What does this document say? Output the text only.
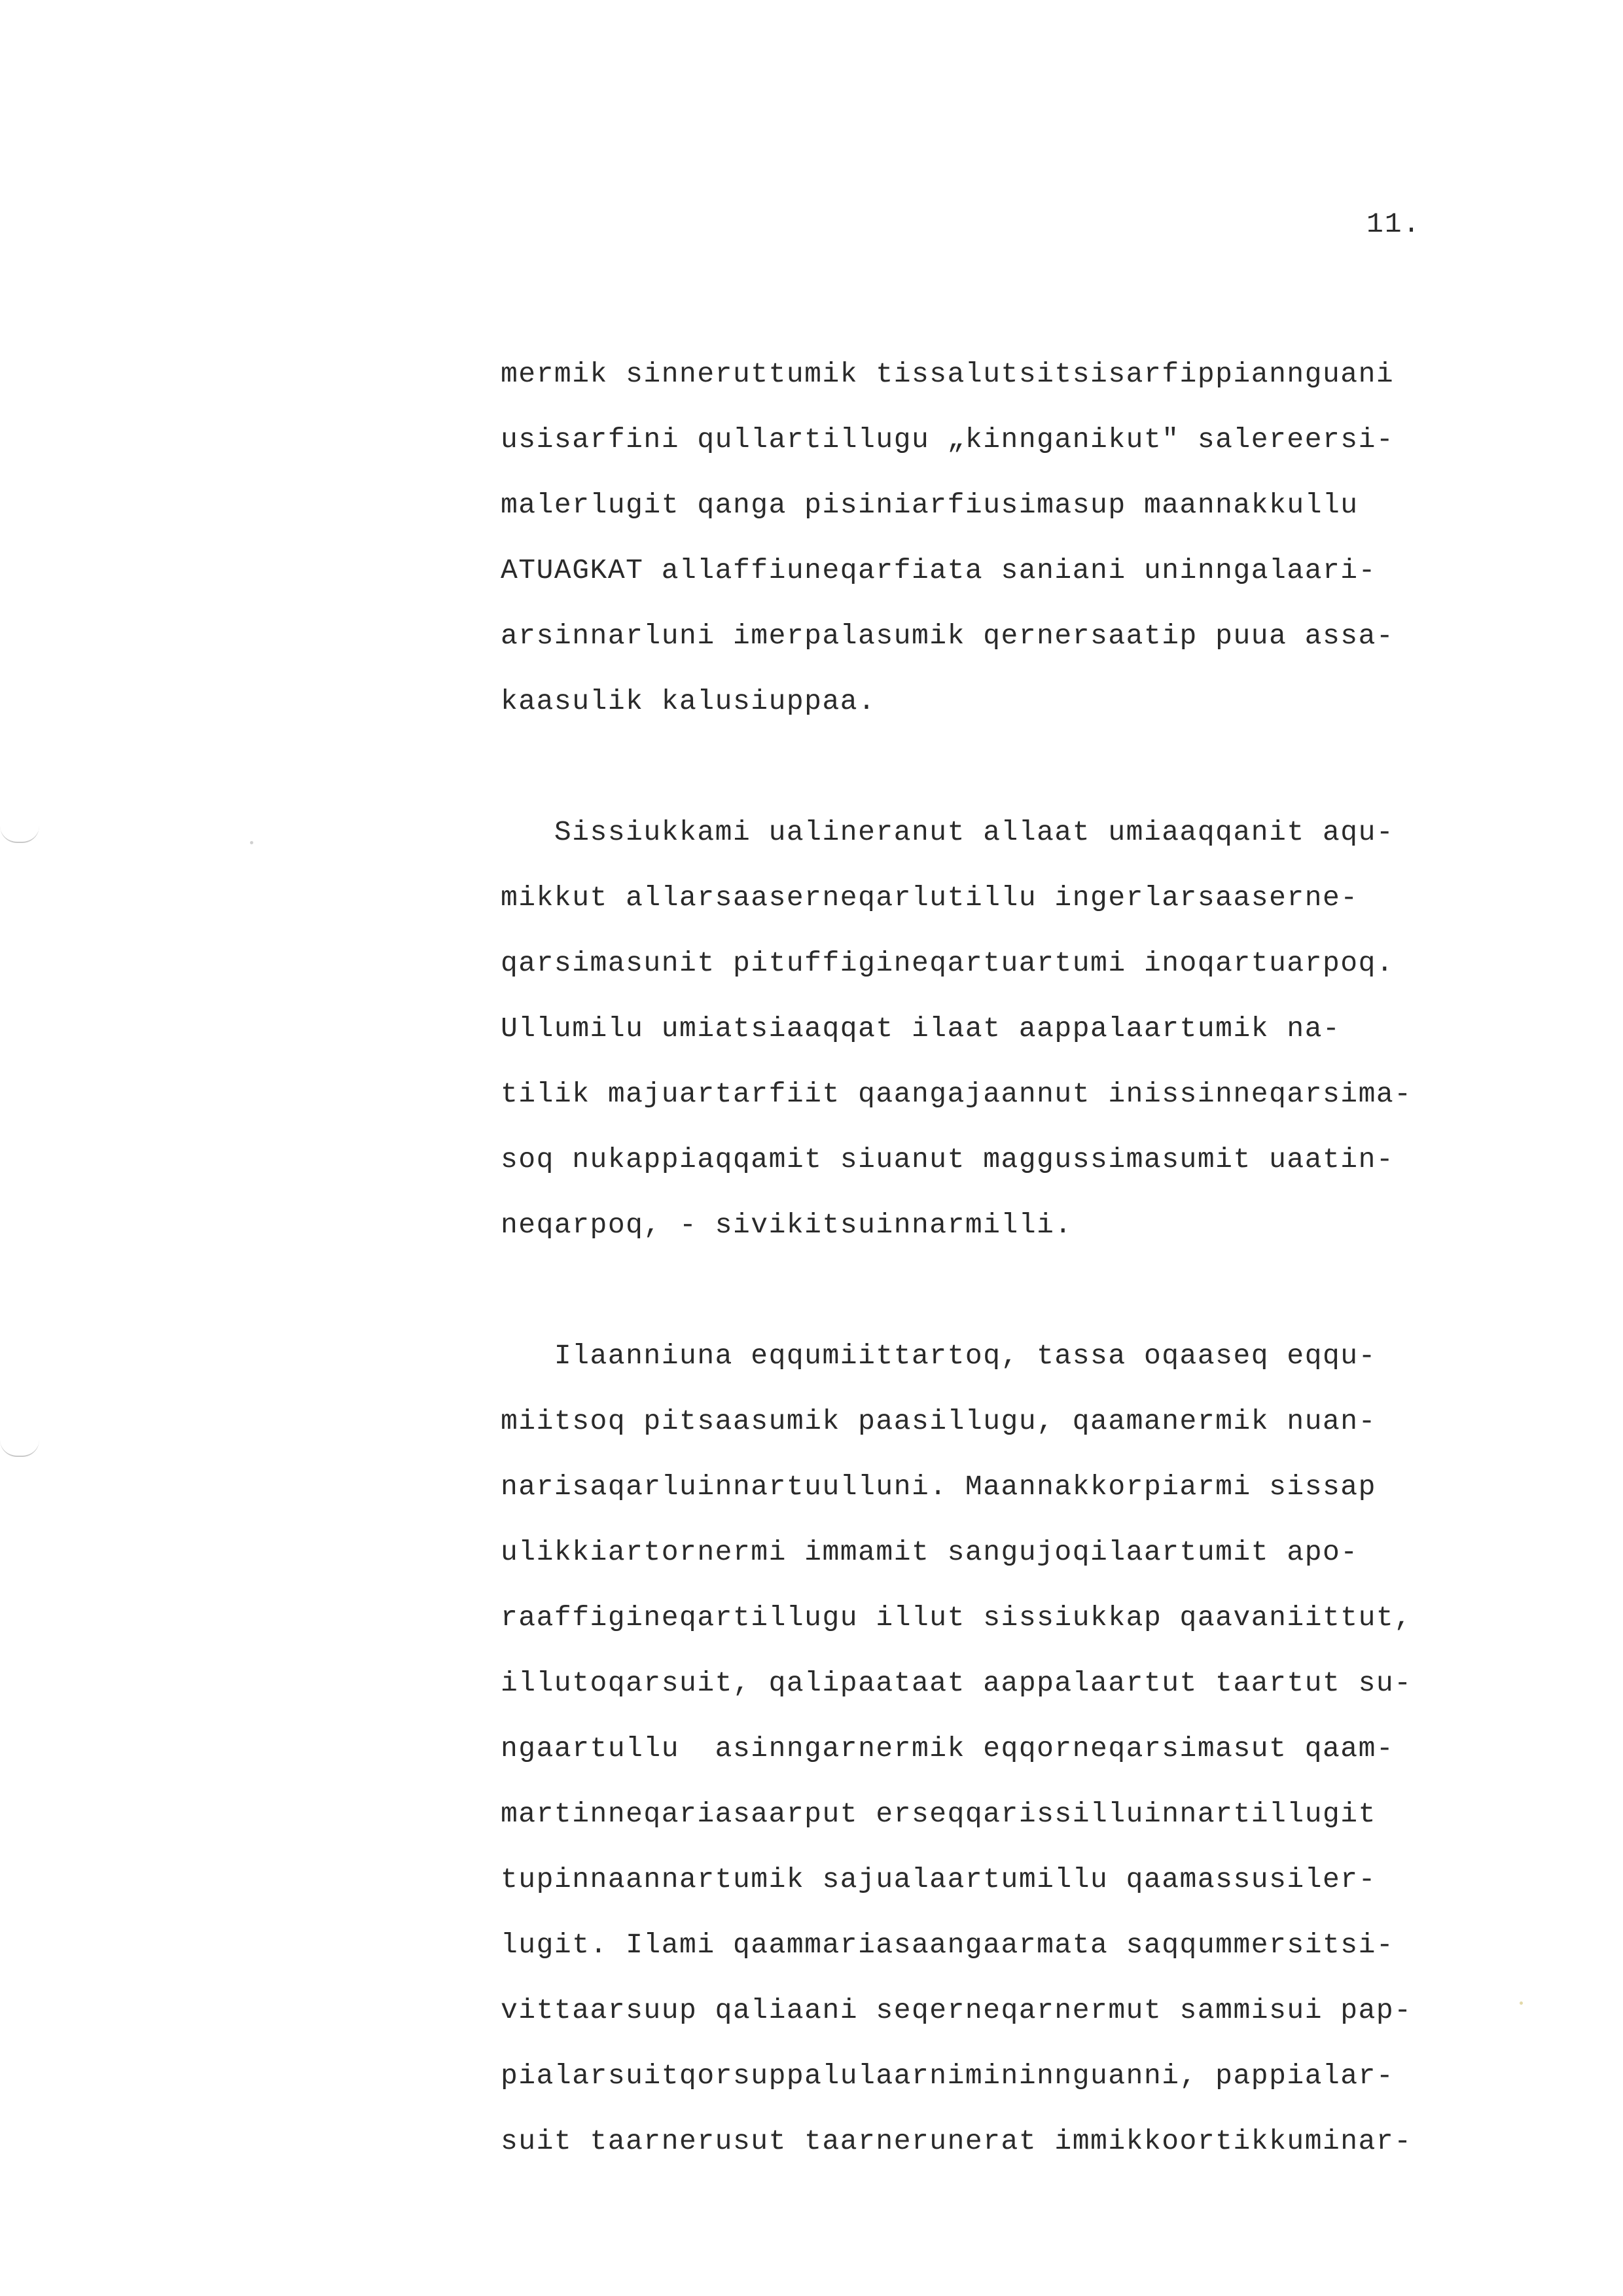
11.
mermik sinneruttumik tissalutsitsisarfippiannguani
usisarfini qullartillugu „kinnganikut" salereersi-
malerlugit qanga pisiniarfiusimasup maannakkullu
ATUAGKAT allaffiuneqarfiata saniani uninngalaari-
arsinnarluni imerpalasumik qernersaatip puua assa-
kaasulik kalusiuppaa.
Sissiukkami ualineranut allaat umiaaqqanit aqu-
mikkut allarsaaserneqarlutillu ingerlarsaaserne-
qarsimasunit pituffigineqartuartumi inoqartuarpoq.
Ullumilu umiatsiaaqqat ilaat aappalaartumik na-
tilik majuartarfiit qaangajaannut inissinneqarsima-
soq nukappiaqqamit siuanut maggussimasumit uaatin-
neqarpoq, - sivikitsuinnarmilli.
Ilaanniuna eqqumiittartoq, tassa oqaaseq eqqu-
miitsoq pitsaasumik paasillugu, qaamanermik nuan-
narisaqarluinnartuulluni. Maannakkorpiarmi sissap
ulikkiartornermi immamit sangujoqilaartumit apo-
raaffigineqartillugu illut sissiukkap qaavaniittut,
illutoqarsuit, qalipaataat aappalaartut taartut su-
ngaartullu  asinngarnermik eqqorneqarsimasut qaam-
martinneqariasaarput erseqqarissilluinnartillugit
tupinnaannartumik sajualaartumillu qaamassusiler-
lugit. Ilami qaammariasaangaarmata saqqummersitsi-
vittaarsuup qaliaani seqerneqarnermut sammisui pap-
pialarsuitqorsuppalulaarnimininnguanni, pappialar-
suit taarnerusut taarnerunerat immikkoortikkuminar-
